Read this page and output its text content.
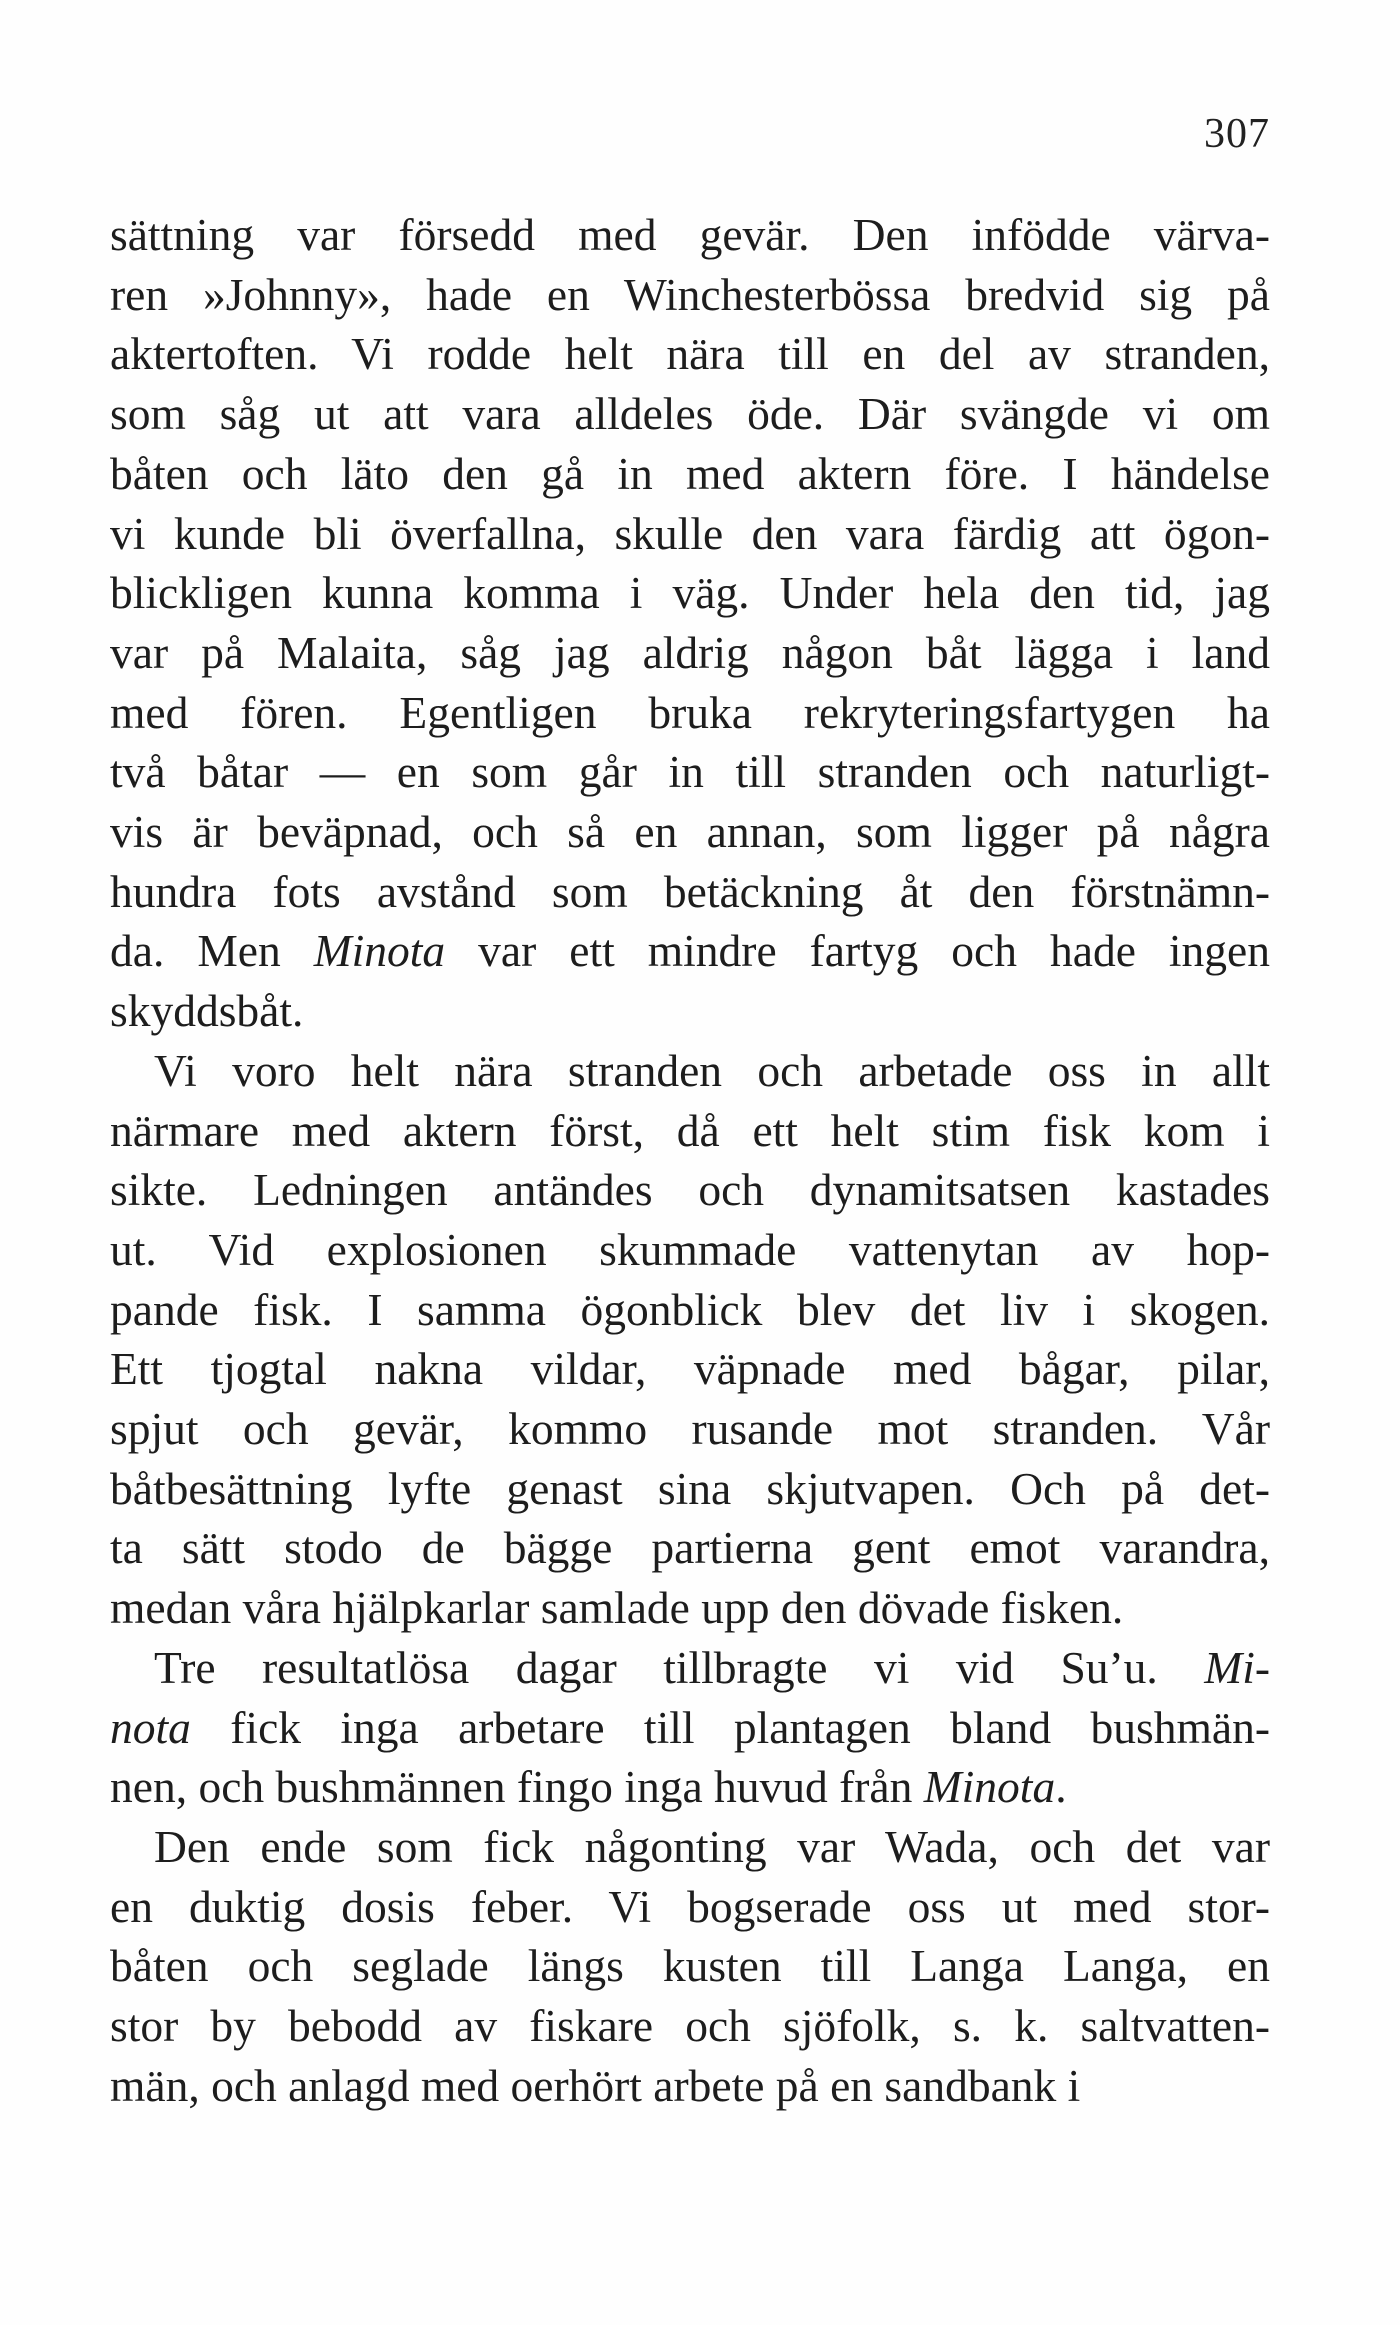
307
sättning var försedd med gevär. Den infödde värva-
ren »Johnny», hade en Winchesterbössa bredvid sig på
aktertoften. Vi rodde helt nära till en del av stranden,
som såg ut att vara alldeles öde. Där svängde vi om
båten och läto den gå in med aktern före. I händelse
vi kunde bli överfallna, skulle den vara färdig att ögon-
blickligen kunna komma i väg. Under hela den tid, jag
var på Malaita, såg jag aldrig någon båt lägga i land
med fören. Egentligen bruka rekryteringsfartygen ha
två båtar — en som går in till stranden och naturligt-
vis är beväpnad, och så en annan, som ligger på några
hundra fots avstånd som betäckning åt den förstnämn-
da. Men Minota var ett mindre fartyg och hade ingen
skyddsbåt.
Vi voro helt nära stranden och arbetade oss in allt
närmare med aktern först, då ett helt stim fisk kom i
sikte. Ledningen antändes och dynamitsatsen kastades
ut. Vid explosionen skummade vattenytan av hop-
pande fisk. I samma ögonblick blev det liv i skogen.
Ett tjogtal nakna vildar, väpnade med bågar, pilar,
spjut och gevär, kommo rusande mot stranden. Vår
båtbesättning lyfte genast sina skjutvapen. Och på det-
ta sätt stodo de bägge partierna gent emot varandra,
medan våra hjälpkarlar samlade upp den dövade fisken.
Tre resultatlösa dagar tillbragte vi vid Su’u. Mi-
nota fick inga arbetare till plantagen bland bushmän-
nen, och bushmännen fingo inga huvud från Minota.
Den ende som fick någonting var Wada, och det var
en duktig dosis feber. Vi bogserade oss ut med stor-
båten och seglade längs kusten till Langa Langa, en
stor by bebodd av fiskare och sjöfolk, s. k. saltvatten-
män, och anlagd med oerhört arbete på en sandbank i
